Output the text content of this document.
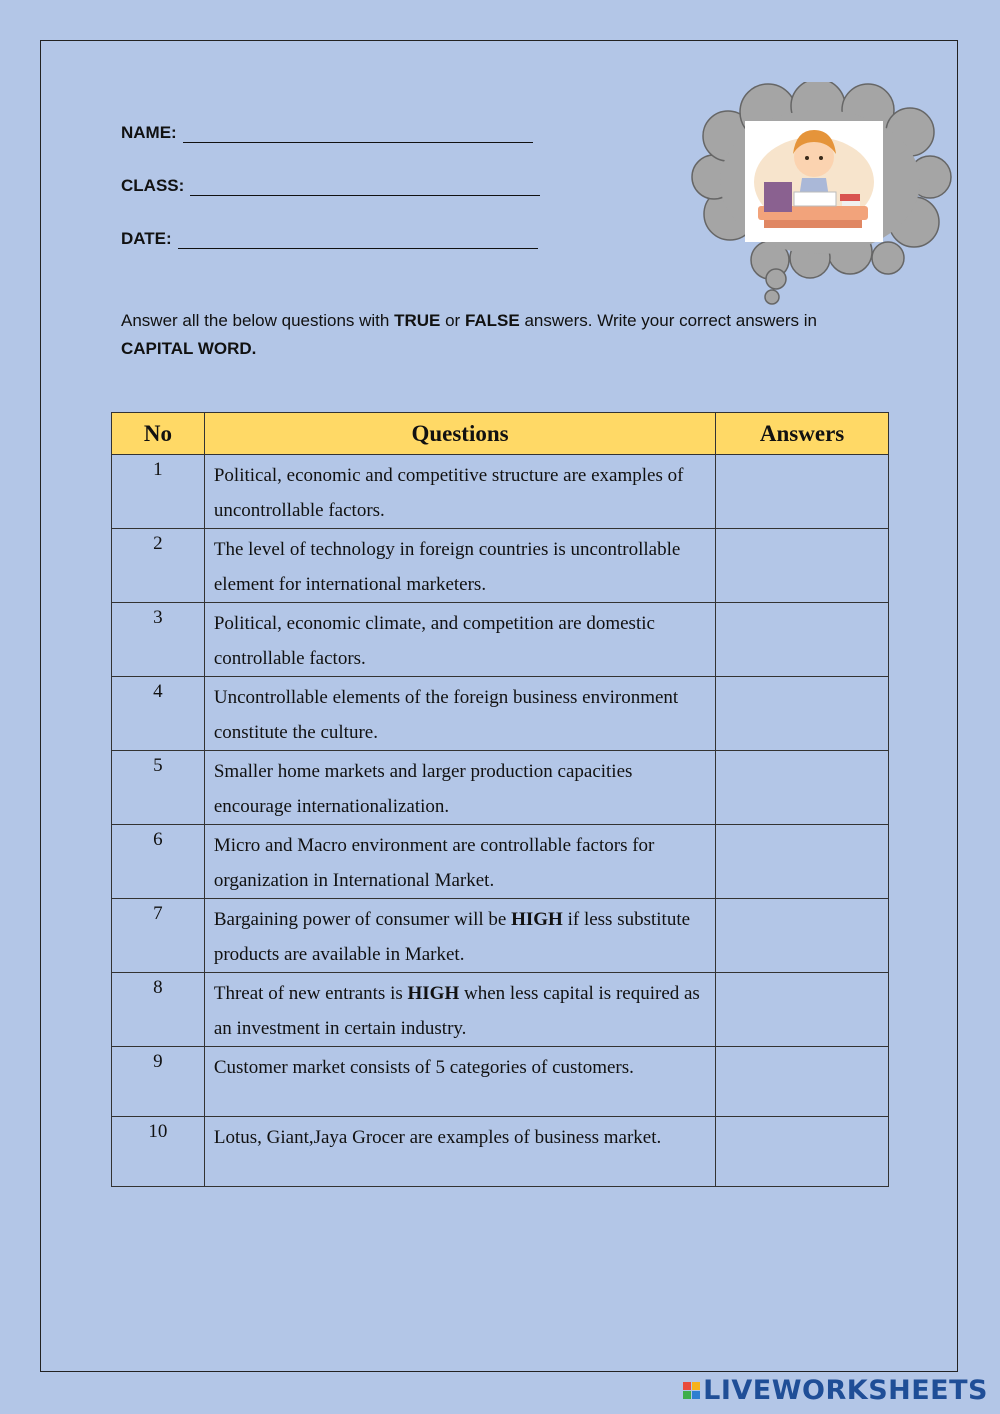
NAME:
CLASS:
DATE:
Answer all the below questions with TRUE or FALSE answers. Write your correct answers in
CAPITAL WORD.
No	Questions	Answers
1	Political, economic and competitive structure are examples of uncontrollable factors.	
2	The level of technology in foreign countries is uncontrollable element for international marketers.	
3	Political, economic climate, and competition are domestic controllable factors.	
4	Uncontrollable elements of the foreign business environment constitute the culture.	
5	Smaller home markets and larger production capacities encourage internationalization.	
6	Micro and Macro environment are controllable factors for organization in International Market.	
7	Bargaining power of consumer will be HIGH if less substitute products are available in Market.	
8	Threat of new entrants is HIGH when less capital is required as an investment in certain industry.	
9	Customer market consists of 5 categories of customers.	
10	Lotus, Giant,Jaya Grocer are examples of business market.	
LIVEWORKSHEETS
